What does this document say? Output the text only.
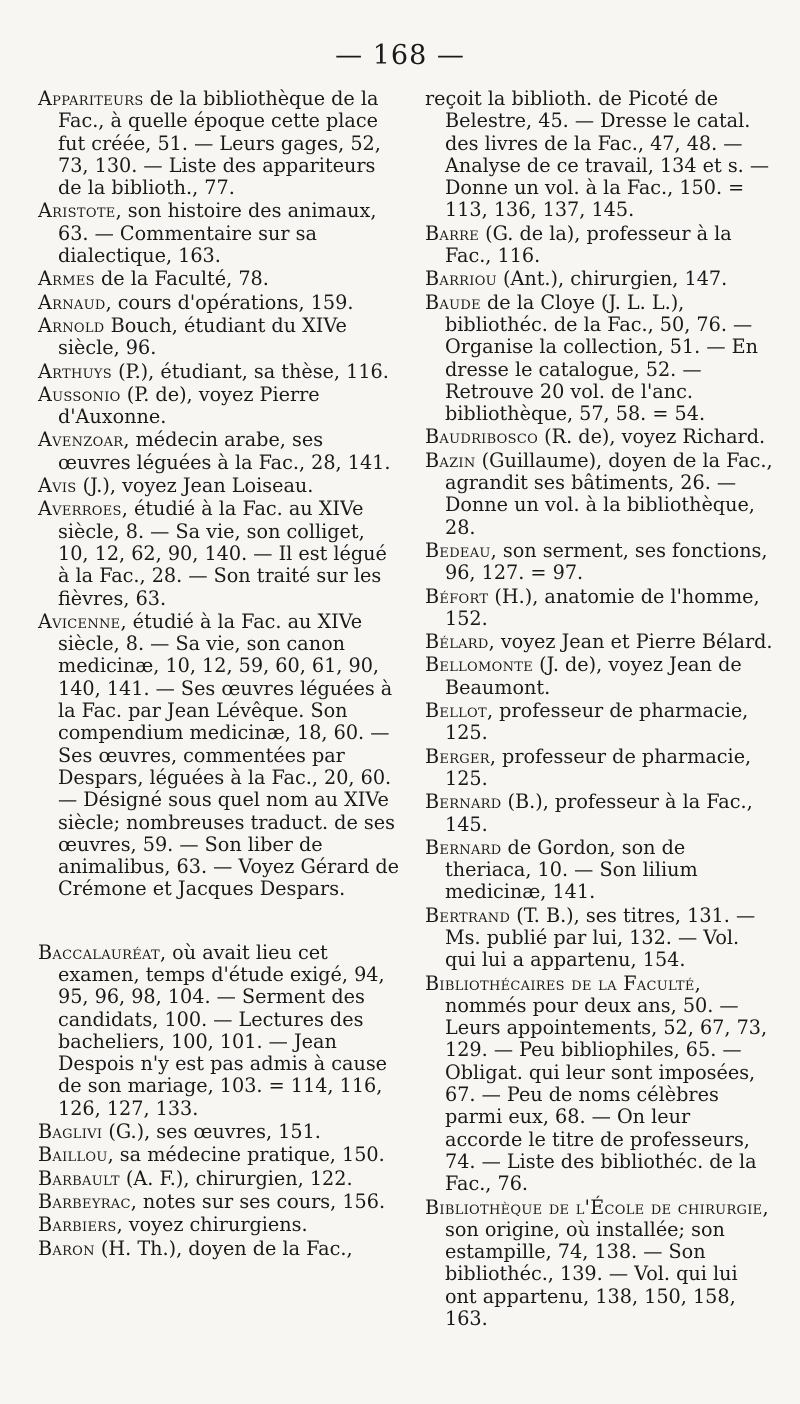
— 168 —

Appariteurs de la bibliothèque de la Fac., à quelle époque cette place fut créée, 51. — Leurs gages, 52, 73, 130. — Liste des appariteurs de la biblioth., 77.

Aristote, son histoire des animaux, 63. — Commentaire sur sa dialectique, 163.

Armes de la Faculté, 78.

Arnaud, cours d'opérations, 159.

Arnold Bouch, étudiant du XIVe siècle, 96.

Arthuys (P.), étudiant, sa thèse, 116.

Aussonio (P. de), voyez Pierre d'Auxonne.

Avenzoar, médecin arabe, ses œuvres léguées à la Fac., 28, 141.

Avis (J.), voyez Jean Loiseau.

Averroes, étudié à la Fac. au XIVe siècle, 8. — Sa vie, son colliget, 10, 12, 62, 90, 140. — Il est légué à la Fac., 28. — Son traité sur les fièvres, 63.

Avicenne, étudié à la Fac. au XIVe siècle, 8. — Sa vie, son canon medicinæ, 10, 12, 59, 60, 61, 90, 140, 141. — Ses œuvres léguées à la Fac. par Jean Lévêque. Son compendium medicinæ, 18, 60. — Ses œuvres, commentées par Despars, léguées à la Fac., 20, 60. — Désigné sous quel nom au XIVe siècle; nombreuses traduct. de ses œuvres, 59. — Son liber de animalibus, 63. — Voyez Gérard de Crémone et Jacques Despars.

Baccalauréat, où avait lieu cet examen, temps d'étude exigé, 94, 95, 96, 98, 104. — Serment des candidats, 100. — Lectures des bacheliers, 100, 101. — Jean Despois n'y est pas admis à cause de son mariage, 103. = 114, 116, 126, 127, 133.

Baglivi (G.), ses œuvres, 151.

Baillou, sa médecine pratique, 150.

Barbault (A. F.), chirurgien, 122.

Barbeyrac, notes sur ses cours, 156.

Barbiers, voyez chirurgiens.

Baron (H. Th.), doyen de la Fac.,

reçoit la biblioth. de Picoté de Belestre, 45. — Dresse le catal. des livres de la Fac., 47, 48. — Analyse de ce travail, 134 et s. — Donne un vol. à la Fac., 150. = 113, 136, 137, 145.

Barre (G. de la), professeur à la Fac., 116.

Barriou (Ant.), chirurgien, 147.

Baude de la Cloye (J. L. L.), bibliothéc. de la Fac., 50, 76. — Organise la collection, 51. — En dresse le catalogue, 52. — Retrouve 20 vol. de l'anc. bibliothèque, 57, 58. = 54.

Baudribosco (R. de), voyez Richard.

Bazin (Guillaume), doyen de la Fac., agrandit ses bâtiments, 26. — Donne un vol. à la bibliothèque, 28.

Bedeau, son serment, ses fonctions, 96, 127. = 97.

Béfort (H.), anatomie de l'homme, 152.

Bélard, voyez Jean et Pierre Bélard.

Bellomonte (J. de), voyez Jean de Beaumont.

Bellot, professeur de pharmacie, 125.

Berger, professeur de pharmacie, 125.

Bernard (B.), professeur à la Fac., 145.

Bernard de Gordon, son de theriaca, 10. — Son lilium medicinæ, 141.

Bertrand (T. B.), ses titres, 131. — Ms. publié par lui, 132. — Vol. qui lui a appartenu, 154.

Bibliothécaires de la Faculté, nommés pour deux ans, 50. — Leurs appointements, 52, 67, 73, 129. — Peu bibliophiles, 65. — Obligat. qui leur sont imposées, 67. — Peu de noms célèbres parmi eux, 68. — On leur accorde le titre de professeurs, 74. — Liste des bibliothéc. de la Fac., 76.

Bibliothèque de l'École de chirurgie, son origine, où installée; son estampille, 74, 138. — Son bibliothéc., 139. — Vol. qui lui ont appartenu, 138, 150, 158, 163.
